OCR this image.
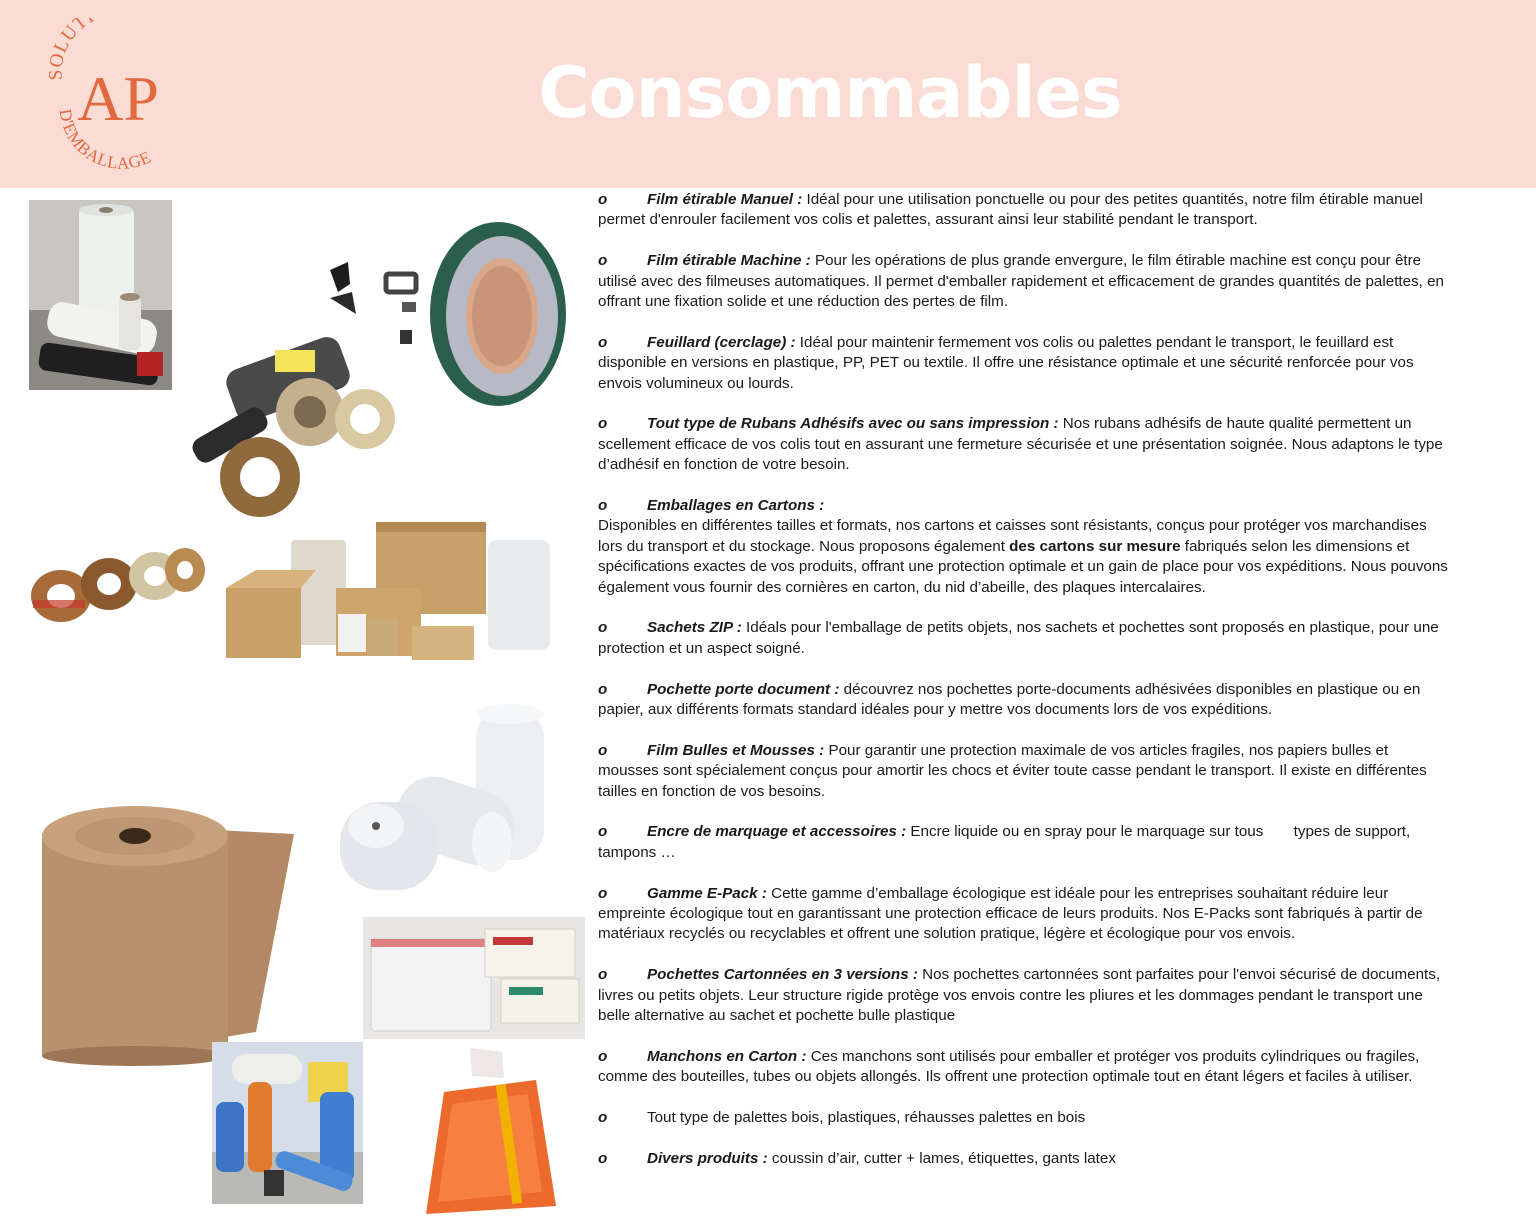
SOLUT
AP
D'EMBALLAGE
Consommables
o	Film étirable Manuel : Idéal pour une utilisation ponctuelle ou pour des petites quantités, notre film étirable manuel permet d'enrouler facilement vos colis et palettes, assurant ainsi leur stabilité pendant le transport.
o	Film étirable Machine : Pour les opérations de plus grande envergure, le film étirable machine est conçu pour être utilisé avec des filmeuses automatiques. Il permet d'emballer rapidement et efficacement de grandes quantités de palettes, en offrant une fixation solide et une réduction des pertes de film.
o	Feuillard (cerclage) : Idéal pour maintenir fermement vos colis ou palettes pendant le transport, le feuillard est disponible en versions en plastique, PP, PET ou textile. Il offre une résistance optimale et une sécurité renforcée pour vos envois volumineux ou lourds.
o	Tout type de Rubans Adhésifs avec ou sans impression : Nos rubans adhésifs de haute qualité permettent un scellement efficace de vos colis tout en assurant une fermeture sécurisée et une présentation soignée. Nous adaptons le type d’adhésif en fonction de votre besoin.
o	Emballages en Cartons :
Disponibles en différentes tailles et formats, nos cartons et caisses sont résistants, conçus pour protéger vos marchandises lors du transport et du stockage. Nous proposons également des cartons sur mesure fabriqués selon les dimensions et spécifications exactes de vos produits, offrant une protection optimale et un gain de place pour vos expéditions. Nous pouvons également vous fournir des cornières en carton, du nid d’abeille, des plaques intercalaires.
o	Sachets ZIP : Idéals pour l'emballage de petits objets, nos sachets et pochettes sont proposés en plastique, pour une protection et un aspect soigné.
o	Pochette porte document : découvrez nos pochettes porte-documents adhésivées disponibles en plastique ou en papier, aux différents formats standard idéales pour y mettre vos documents lors de vos expéditions.
o	Film Bulles et Mousses : Pour garantir une protection maximale de vos articles fragiles, nos papiers bulles et mousses sont spécialement conçus pour amortir les chocs et éviter toute casse pendant le transport. Il existe en différentes tailles en fonction de vos besoins.
o	Encre de marquage et accessoires : Encre liquide ou en spray pour le marquage sur tous  types de support, tampons …
o	Gamme E-Pack : Cette gamme d’emballage écologique est idéale pour les entreprises souhaitant réduire leur empreinte écologique tout en garantissant une protection efficace de leurs produits. Nos E-Packs sont fabriqués à partir de matériaux recyclés ou recyclables et offrent une solution pratique, légère et écologique pour vos envois.
o	Pochettes Cartonnées en 3 versions : Nos pochettes cartonnées sont parfaites pour l'envoi sécurisé de documents, livres ou petits objets. Leur structure rigide protège vos envois contre les pliures et les dommages pendant le transport une belle alternative au sachet et pochette bulle plastique
o	Manchons en Carton : Ces manchons sont utilisés pour emballer et protéger vos produits cylindriques ou fragiles, comme des bouteilles, tubes ou objets allongés. Ils offrent une protection optimale tout en étant légers et faciles à utiliser.
o	Tout type de palettes bois, plastiques, réhausses palettes en bois
o	Divers produits : coussin d’air, cutter + lames, étiquettes, gants latex
